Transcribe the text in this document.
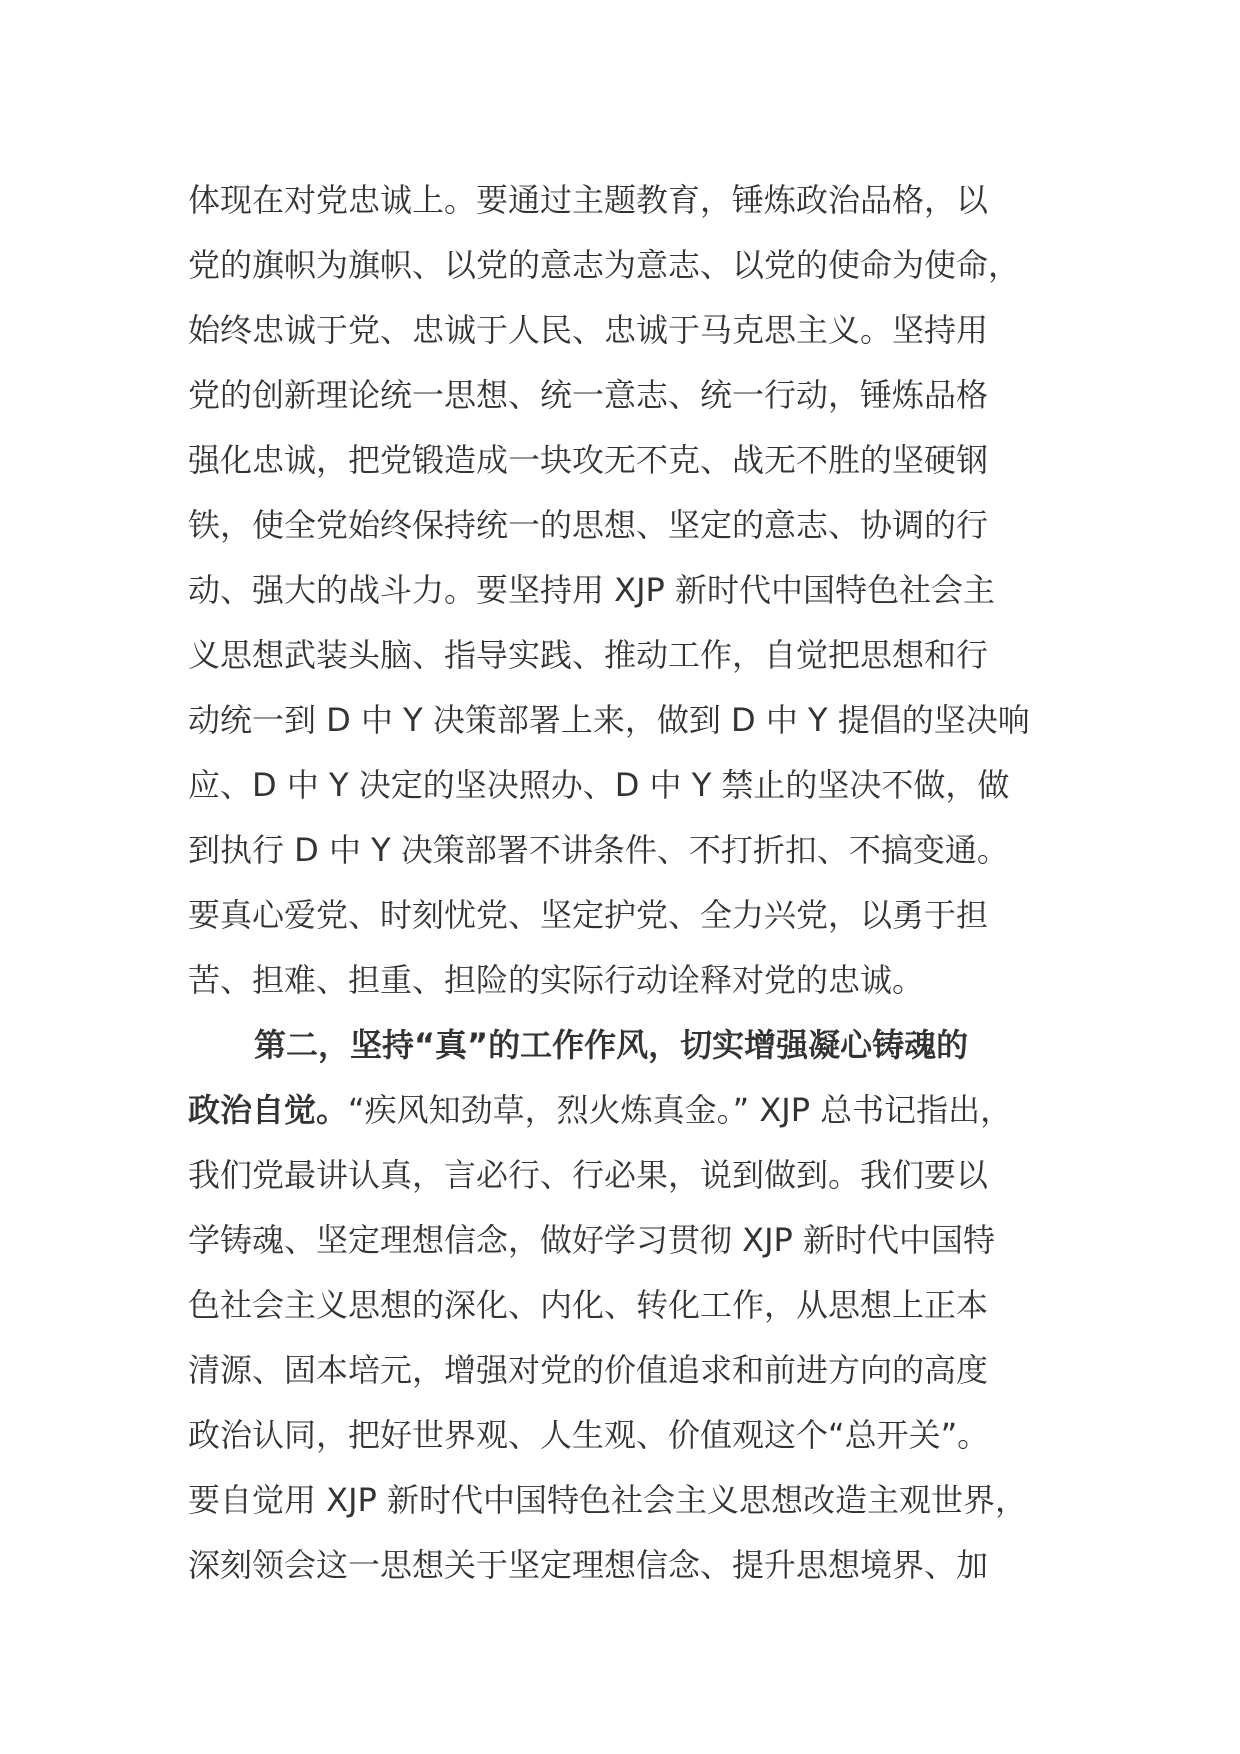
体现在对党忠诚上。要通过主题教育，锤炼政治品格，以
党的旗帜为旗帜、以党的意志为意志、以党的使命为使命，
始终忠诚于党、忠诚于人民、忠诚于马克思主义。坚持用
党的创新理论统一思想、统一意志、统一行动，锤炼品格
强化忠诚，把党锻造成一块攻无不克、战无不胜的坚硬钢
铁，使全党始终保持统一的思想、坚定的意志、协调的行
动、强大的战斗力。要坚持用 XJP 新时代中国特色社会主
义思想武装头脑、指导实践、推动工作，自觉把思想和行
动统一到 D 中 Y 决策部署上来，做到 D 中 Y 提倡的坚决响
应、D 中 Y 决定的坚决照办、D 中 Y 禁止的坚决不做，做
到执行 D 中 Y 决策部署不讲条件、不打折扣、不搞变通。
要真心爱党、时刻忧党、坚定护党、全力兴党，以勇于担
苦、担难、担重、担险的实际行动诠释对党的忠诚。
第二，坚持“真”的工作作风，切实增强凝心铸魂的
政治自觉。“疾风知劲草，烈火炼真金。” XJP 总书记指出，
我们党最讲认真，言必行、行必果，说到做到。我们要以
学铸魂、坚定理想信念，做好学习贯彻 XJP 新时代中国特
色社会主义思想的深化、内化、转化工作，从思想上正本
清源、固本培元，增强对党的价值追求和前进方向的高度
政治认同，把好世界观、人生观、价值观这个“总开关”。
要自觉用 XJP 新时代中国特色社会主义思想改造主观世界，
深刻领会这一思想关于坚定理想信念、提升思想境界、加
